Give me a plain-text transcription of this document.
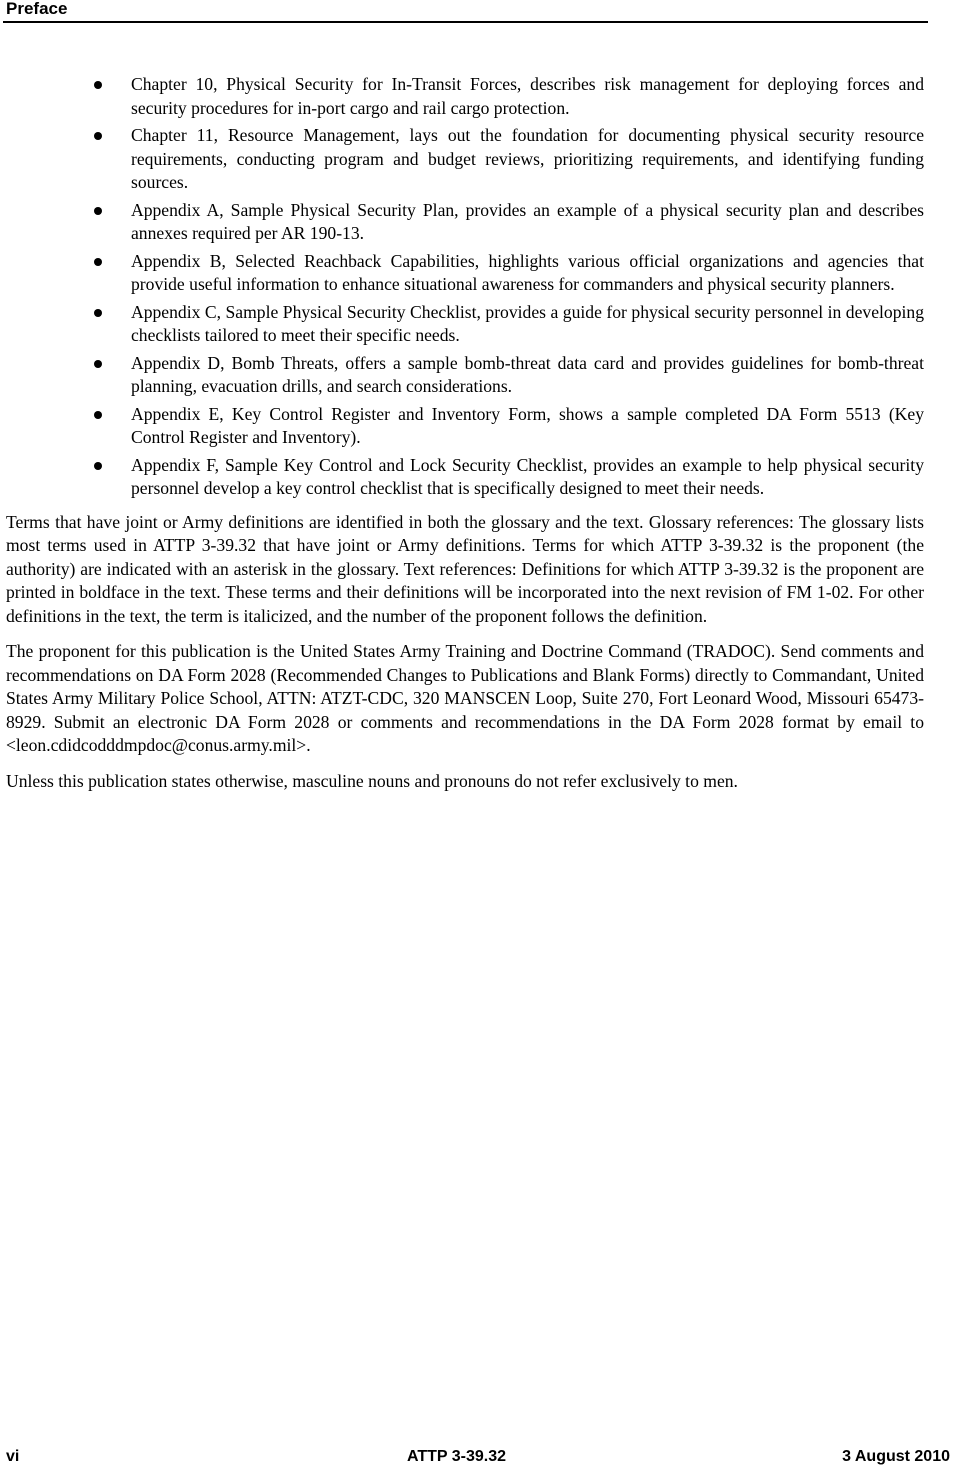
Preface
Chapter 10, Physical Security for In-Transit Forces, describes risk management for deploying forces and security procedures for in-port cargo and rail cargo protection.
Chapter 11, Resource Management, lays out the foundation for documenting physical security resource requirements, conducting program and budget reviews, prioritizing requirements, and identifying funding sources.
Appendix A, Sample Physical Security Plan, provides an example of a physical security plan and describes annexes required per AR 190-13.
Appendix B, Selected Reachback Capabilities, highlights various official organizations and agencies that provide useful information to enhance situational awareness for commanders and physical security planners.
Appendix C, Sample Physical Security Checklist, provides a guide for physical security personnel in developing checklists tailored to meet their specific needs.
Appendix D, Bomb Threats, offers a sample bomb-threat data card and provides guidelines for bomb-threat planning, evacuation drills, and search considerations.
Appendix E, Key Control Register and Inventory Form, shows a sample completed DA Form 5513 (Key Control Register and Inventory).
Appendix F, Sample Key Control and Lock Security Checklist, provides an example to help physical security personnel develop a key control checklist that is specifically designed to meet their needs.

Terms that have joint or Army definitions are identified in both the glossary and the text. Glossary references: The glossary lists most terms used in ATTP 3-39.32 that have joint or Army definitions. Terms for which ATTP 3-39.32 is the proponent (the authority) are indicated with an asterisk in the glossary. Text references: Definitions for which ATTP 3-39.32 is the proponent are printed in boldface in the text. These terms and their definitions will be incorporated into the next revision of FM 1-02. For other definitions in the text, the term is italicized, and the number of the proponent follows the definition.

The proponent for this publication is the United States Army Training and Doctrine Command (TRADOC). Send comments and recommendations on DA Form 2028 (Recommended Changes to Publications and Blank Forms) directly to Commandant, United States Army Military Police School, ATTN: ATZT-CDC, 320 MANSCEN Loop, Suite 270, Fort Leonard Wood, Missouri 65473-8929. Submit an electronic DA Form 2028 or comments and recommendations in the DA Form 2028 format by email to <leon.cdidcodddmpdoc@conus.army.mil>.

Unless this publication states otherwise, masculine nouns and pronouns do not refer exclusively to men.

vi	ATTP 3-39.32	3 August 2010
